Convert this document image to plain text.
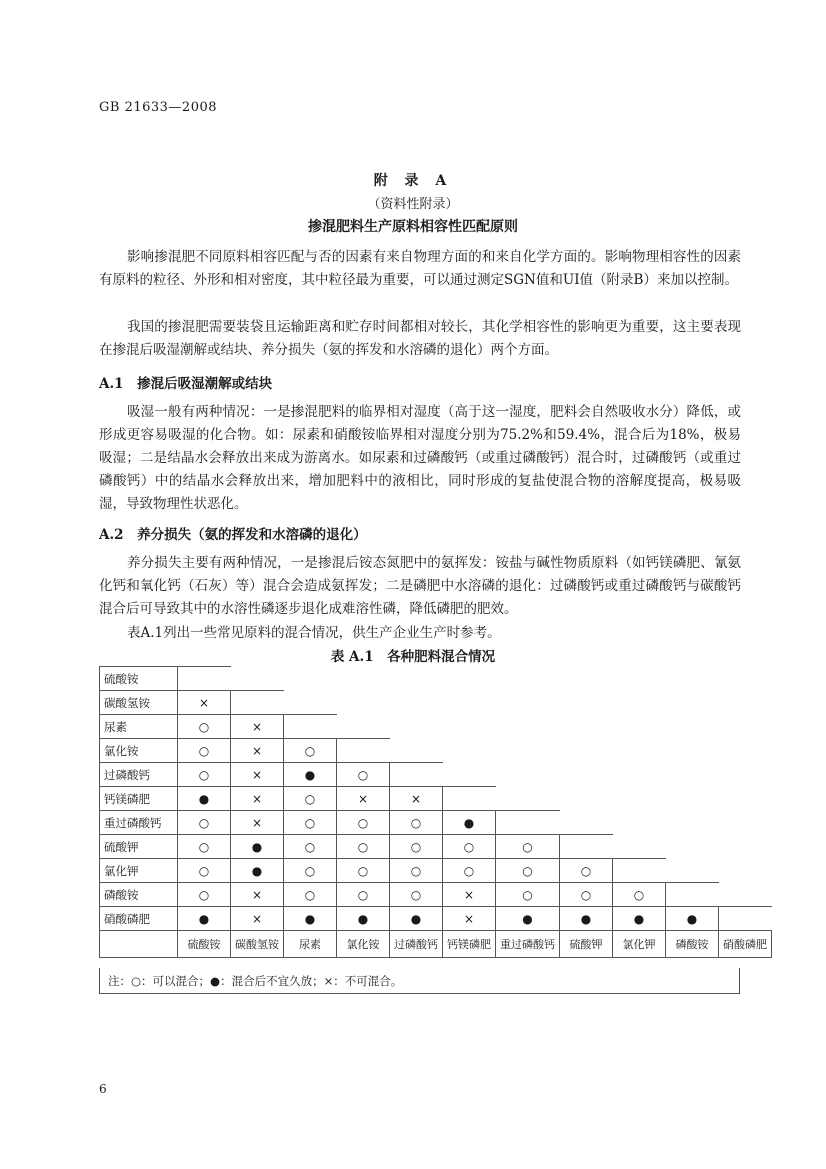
GB 21633—2008
附 录 A
（资料性附录）
掺混肥料生产原料相容性匹配原则
影响掺混肥不同原料相容匹配与否的因素有来自物理方面的和来自化学方面的。影响物理相容性的因素有原料的粒径、外形和相对密度，其中粒径最为重要，可以通过测定SGN值和UI值（附录B）来加以控制。
我国的掺混肥需要装袋且运输距离和贮存时间都相对较长，其化学相容性的影响更为重要，这主要表现在掺混后吸湿潮解或结块、养分损失（氨的挥发和水溶磷的退化）两个方面。
A.1　掺混后吸湿潮解或结块
吸湿一般有两种情况：一是掺混肥料的临界相对湿度（高于这一湿度，肥料会自然吸收水分）降低，或形成更容易吸湿的化合物。如：尿素和硝酸铵临界相对湿度分别为75.2%和59.4%，混合后为18%，极易吸湿；二是结晶水会释放出来成为游离水。如尿素和过磷酸钙（或重过磷酸钙）混合时，过磷酸钙（或重过磷酸钙）中的结晶水会释放出来，增加肥料中的液相比，同时形成的复盐使混合物的溶解度提高，极易吸湿，导致物理性状恶化。
A.2　养分损失（氨的挥发和水溶磷的退化）
养分损失主要有两种情况，一是掺混后铵态氮肥中的氨挥发：铵盐与碱性物质原料（如钙镁磷肥、氰氨化钙和氧化钙（石灰）等）混合会造成氨挥发；二是磷肥中水溶磷的退化：过磷酸钙或重过磷酸钙与碳酸钙混合后可导致其中的水溶性磷逐步退化成难溶性磷，降低磷肥的肥效。
表A.1列出一些常见原料的混合情况，供生产企业生产时参考。
表 A.1　各种肥料混合情况
硫酸铵											
碳酸氢铵	×										
尿素	○	×									
氯化铵	○	×	○								
过磷酸钙	○	×	●	○							
钙镁磷肥	●	×	○	×	×						
重过磷酸钙	○	×	○	○	○	●					
硫酸钾	○	●	○	○	○	○	○				
氯化钾	○	●	○	○	○	○	○	○			
磷酸铵	○	×	○	○	○	×	○	○	○		
硝酸磷肥	●	×	●	●	●	×	●	●	●	●	
	硫酸铵	碳酸氢铵	尿素	氯化铵	过磷酸钙	钙镁磷肥	重过磷酸钙	硫酸钾	氯化钾	磷酸铵	硝酸磷肥
注：○：可以混合；●：混合后不宜久放；×：不可混合。
6
